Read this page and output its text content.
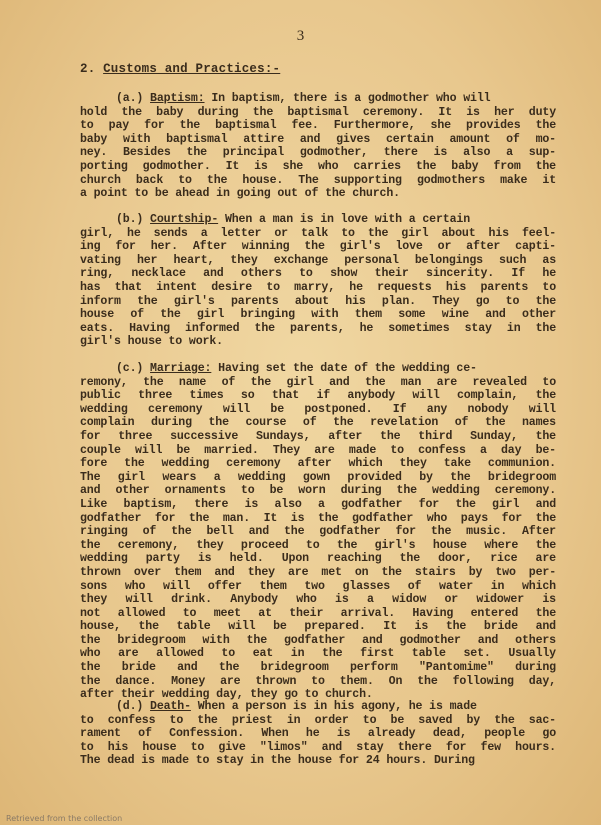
3
2. Customs and Practices:-
(a.) Baptism: In baptism, there is a godmother who will
hold the baby during the baptismal ceremony. It is her duty
to pay for the baptismal fee. Furthermore, she provides the
baby with baptismal attire and gives certain amount of mo-
ney. Besides the principal godmother, there is also a sup-
porting godmother. It is she who carries the baby from the
church back to the house. The supporting godmothers make it
a point to be ahead in going out of the church.
(b.) Courtship- When a man is in love with a certain
girl, he sends a letter or talk to the girl about his feel-
ing for her. After winning the girl's love or after capti-
vating her heart, they exchange personal belongings such as
ring, necklace and others to show their sincerity. If he
has that intent desire to marry, he requests his parents to
inform the girl's parents about his plan. They go to the
house of the girl bringing with them some wine and other
eats. Having informed the parents, he sometimes stay in the
girl's house to work.
(c.) Marriage: Having set the date of the wedding ce-
remony, the name of the girl and the man are revealed to
public three times so that if anybody will complain, the
wedding ceremony will be postponed. If any nobody will
complain during the course of the revelation of the names
for three successive Sundays, after the third Sunday, the
couple will be married. They are made to confess a day be-
fore the wedding ceremony after which they take communion.
The girl wears a wedding gown provided by the bridegroom
and other ornaments to be worn during the wedding ceremony.
Like baptism, there is also a godfather for the girl and
godfather for the man. It is the godfather who pays for the
ringing of the bell and the godfather for the music. After
the ceremony, they proceed to the girl's house where the
wedding party is held. Upon reaching the door, rice are
thrown over them and they are met on the stairs by two per-
sons who will offer them two glasses of water in which
they will drink. Anybody who is a widow or widower is
not allowed to meet at their arrival. Having entered the
house, the table will be prepared. It is the bride and
the bridegroom with the godfather and godmother and others
who are allowed to eat in the first table set. Usually
the bride and the bridegroom perform "Pantomime" during
the dance. Money are thrown to them. On the following day,
after their wedding day, they go to church.
(d.) Death- When a person is in his agony, he is made
to confess to the priest in order to be saved by the sac-
rament of Confession. When he is already dead, people go
to his house to give "limos" and stay there for few hours.
The dead is made to stay in the house for 24 hours. During
Retrieved from the collection
